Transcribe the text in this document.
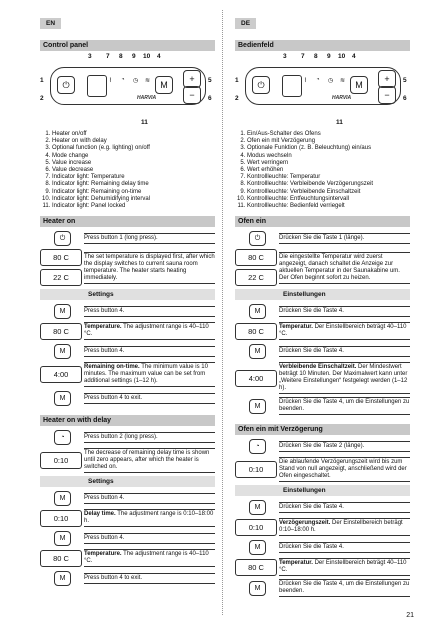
EN
Control panel
3 7 8 9 10 4
1
2
5
6
11
⏻	⌇ ◔ ◷ ≋	M
+
−
HARVIA
1. Heater on/off
2. Heater on with delay
3. Optional function (e.g. lighting) on/off
4. Mode change
5. Value increase
6. Value decrease
7. Indicator light: Temperature
8. Indicator light: Remaining delay time
9. Indicator light: Remaining on-time
10. Indicator light: Dehumidifying interval
11. Indicator light: Panel locked
Heater on
⏻	Press button 1 (long press).
80 C
22 C
The set temperature is displayed first, after which the display switches to current sauna room temperature. The heater starts heating immediately.
Settings
M	Press button 4.
80 C	Temperature. The adjustment range is 40–110 °C.
M	Press button 4.
4:00
Remaining on-time. The minimum value is 10 minutes. The maximum value can be set from additional settings (1–12 h).
M	Press button 4 to exit.
Heater on with delay
◔	Press button 2 (long press).
0:10
The decrease of remaining delay time is shown until zero appears, after which the heater is switched on.
Settings
M	Press button 4.
0:10	Delay time. The adjustment range is 0:10–18:00 h.
M	Press button 4.
80 C	Temperature. The adjustment range is 40–110 °C.
M	Press button 4 to exit.
DE
Bedienfeld
3 7 8 9 10 4
1
2
5
6
11
⏻	⌇ ◔ ◷ ≋	M
+
−
HARVIA
1. Ein/Aus-Schalter des Ofens
2. Ofen ein mit Verzögerung
3. Optionale Funktion (z. B. Beleuchtung) ein/aus
4. Modus wechseln
5. Wert verringern
6. Wert erhöhen
7. Kontrollleuchte: Temperatur
8. Kontrollleuchte: Verbleibende Verzögerungszeit
9. Kontrollleuchte: Verbleibende Einschaltzeit
10. Kontrollleuchte: Entfeuchtungsintervall
11. Kontrollleuchte: Bedienfeld verriegelt
Ofen ein
⏻	Drücken Sie die Taste 1 (länge).
80 C
22 C
Die eingestellte Temperatur wird zuerst angezeigt, danach schaltet die Anzeige zur aktuellen Temperatur in der Saunakabine um. Der Ofen beginnt sofort zu heizen.
Einstellungen
M	Drücken Sie die Taste 4.
80 C	Temperatur. Der Einstellbereich beträgt 40–110 °C.
M	Drücken Sie die Taste 4.
4:00
Verbleibende Einschaltzeit. Der Mindestwert beträgt 10 Minuten. Der Maximalwert kann unter „Weitere Einstellungen“ festgelegt werden (1–12 h).
M
Drücken Sie die Taste 4, um die Einstellungen zu beenden.
Ofen ein mit Verzögerung
◔	Drücken Sie die Taste 2 (länge).
0:10
Die ablaufende Verzögerungszeit wird bis zum Stand von null angezeigt, anschließend wird der Ofen eingeschaltet.
Einstellungen
M	Drücken Sie die Taste 4.
0:10	Verzögerungszeit. Der Einstellbereich beträgt 0:10–18:00 h.
M	Drücken Sie die Taste 4.
80 C	Temperatur. Der Einstellbereich beträgt 40–110 °C.
M
Drücken Sie die Taste 4, um die Einstellungen zu beenden.
21
